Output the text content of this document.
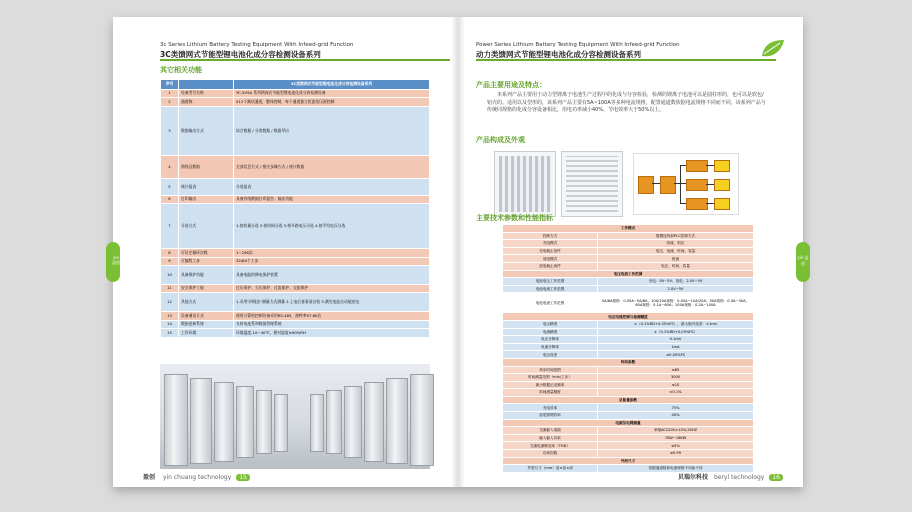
3c Series Lithium Battery Testing Equipment With Infeed-grid Function
3C类馈网式节能型锂电池化成分容检测设备系列
其它相关功能
yin 盈创
序号		3C类馈网式节能型锂电池化成分容检测设备系列
1	设备型号名称	YC-5V5A 系列馈网式节能型锂电池化成分容检测设备
2	通道数	512个测试通道，整体控制，每个通道独立恒流恒压源控制
3	数据输出方式	综合数据 / 分类数据 / 数据导出
4	曲线及数据	全部信息方式 / 指定步骤方式 / 统计数据
5	统计报表	分选报表
6	打印输出	具备有线数据打印报告、输出功能
7	分选方式	1.按容量分选 2.按时间分选 3.按开路电压分选 4.按平均电压分选
8	可设定循环次数	1~256次
9	可编程工步	32/64个工步
10	具备保护功能	具备电能的降电保护装置
11	安全保护工能	过压保护、欠压保护、过流保护、交流保护
12	其他方式	1.采用"四线法"测量方式测量 2.上电后查看前自检 3.测完电池自动地充电
13	设备通讯方式	使用计算机控制设备采用RS-485，波特率57.6K位
14	数据更新系统	支持电池系和数据管理系统
15	工作环境	环境温度-10~40℃，相对湿度≤90%RH
盈创 yin chuang technology 15
Power Series Lithium Battery Testing Equipment With Infeed-grid Function
动力类馈网式节能型锂电池化成分容检测设备系列
产品主要用途及特点：
本系列产品主要用于动力型锂离子电池生产过程中的化成与分容检验，检测的锂离子电池可以是圆柱形的，也可以是软包/铝壳的。适用以及型形的，该系列产品主要有5A~100A等多种电流规格，配置通道数依据电流规格不同而不同，该系列产品与传统同规格的化成分容设备相比，用电功率减小40%，节电效率大于50%以上。
产品构成及外观
主要技术参数和性能指标
工作模式	
控制方式	数模连线和PLC控制方式
充电模式	恒流、恒压
充电截止条件	电压、电流、时间、容量
放电模式	恒流
放电截止条件	电压、时间、容量
电压电流工作范围	
电池电压工作范围	充电：0V~5V；放电：2.0V~5V
电池电流工作范围	2.0V~5V
电池电流工作范围	5A/6A规格：0.05A~5A/6A；10A/20A规格：0.05A~10A/20A；30A规格：0.3A~30A；60A规格：0.1A~60A；100A规格：0.2A~100A
电压电流控制与检测精度	
电压精度	±（0.1%RD+0.05%FS），最大绝对误差：±1mv
电流精度	±（0.1%RD+0.05%FS）
电压分辨率	0.1mV
电流分辨率	1mA
电压误差	≥0.05%FS
时间参数	
单步时间范围	≤65
时间测量范围（min/工步）	3000
最小数据记录频率	≤1S
时间测量精度	±0.1%
总能量参数	
充电效率	75%
放电馈网效率	40%
电源及电网测量	
交流输入电源	单相AC220V±10%,50HZ
输入输入功率	7KW~16KW
交流电流畸变率（THD）	≤5%
功率因数	≥0.99
外形尺寸	
外型尺寸（mm）宽×高×深	依据通道数和电流规格不同而不同
yin 盈创
贝瑞尔科技 beryl technology 16
